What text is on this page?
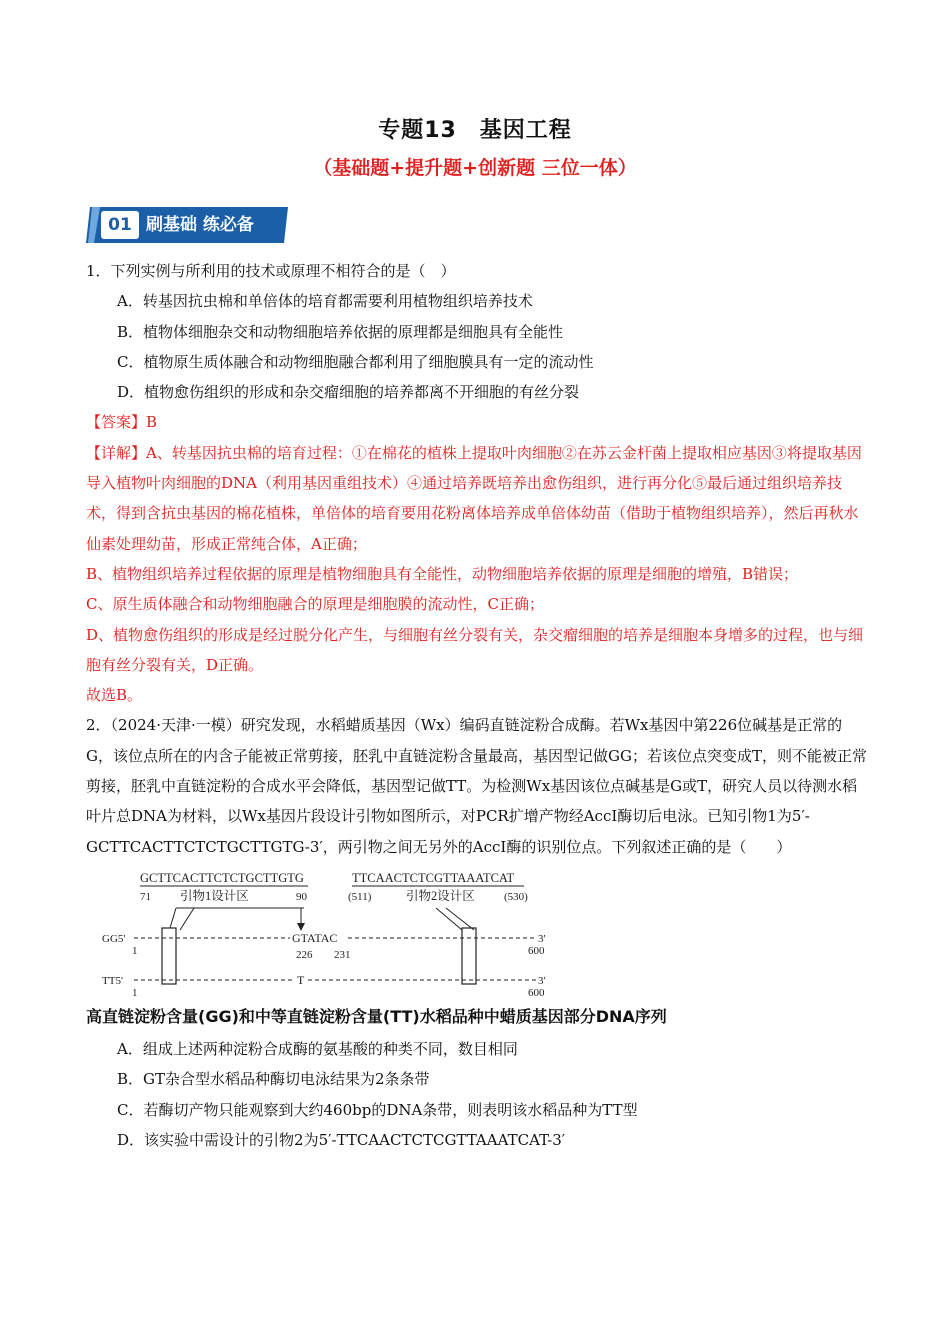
专题13　基因工程
（基础题+提升题+创新题 三位一体）
01 刷基础 练必备

1．下列实例与所利用的技术或原理不相符合的是（　）

A．转基因抗虫棉和单倍体的培育都需要利用植物组织培养技术

B．植物体细胞杂交和动物细胞培养依据的原理都是细胞具有全能性

C．植物原生质体融合和动物细胞融合都利用了细胞膜具有一定的流动性

D．植物愈伤组织的形成和杂交瘤细胞的培养都离不开细胞的有丝分裂

【答案】B

【详解】A、转基因抗虫棉的培育过程：①在棉花的植株上提取叶肉细胞②在苏云金杆菌上提取相应基因③将提取基因导入植物叶肉细胞的DNA（利用基因重组技术）④通过培养既培养出愈伤组织，进行再分化⑤最后通过组织培养技术，得到含抗虫基因的棉花植株，单倍体的培育要用花粉离体培养成单倍体幼苗（借助于植物组织培养），然后再秋水仙素处理幼苗，形成正常纯合体，A正确；

B、植物组织培养过程依据的原理是植物细胞具有全能性，动物细胞培养依据的原理是细胞的增殖，B错误；

C、原生质体融合和动物细胞融合的原理是细胞膜的流动性，C正确；

D、植物愈伤组织的形成是经过脱分化产生，与细胞有丝分裂有关，杂交瘤细胞的培养是细胞本身增多的过程，也与细胞有丝分裂有关，D正确。

故选B。

2．（2024·天津·一模）研究发现，水稻蜡质基因（Wx）编码直链淀粉合成酶。若Wx基因中第226位碱基是正常的G，该位点所在的内含子能被正常剪接，胚乳中直链淀粉含量最高，基因型记做GG；若该位点突变成T，则不能被正常剪接，胚乳中直链淀粉的合成水平会降低，基因型记做TT。为检测Wx基因该位点碱基是G或T，研究人员以待测水稻叶片总DNA为材料，以Wx基因片段设计引物如图所示，对PCR扩增产物经AccI酶切后电泳。已知引物1为5′-GCTTCACTTCTCTGCTTGTG-3′，两引物之间无另外的AccI酶的识别位点。下列叙述正确的是（　　）

GCTTCACTTCTCTGCTTGTG
71 引物1设计区	90
TTCAACTCTCGTTAAATCAT
(511)	引物2设计区	(530)
GG5'
1
GTATAC	3'
226 231	600
TT5'
1
T	3'
600

高直链淀粉含量(GG)和中等直链淀粉含量(TT)水稻品种中蜡质基因部分DNA序列

A．组成上述两种淀粉合成酶的氨基酸的种类不同，数目相同

B．GT杂合型水稻品种酶切电泳结果为2条条带

C．若酶切产物只能观察到大约460bp的DNA条带，则表明该水稻品种为TT型

D．该实验中需设计的引物2为5′-TTCAACTCTCGTTAAATCAT-3′
